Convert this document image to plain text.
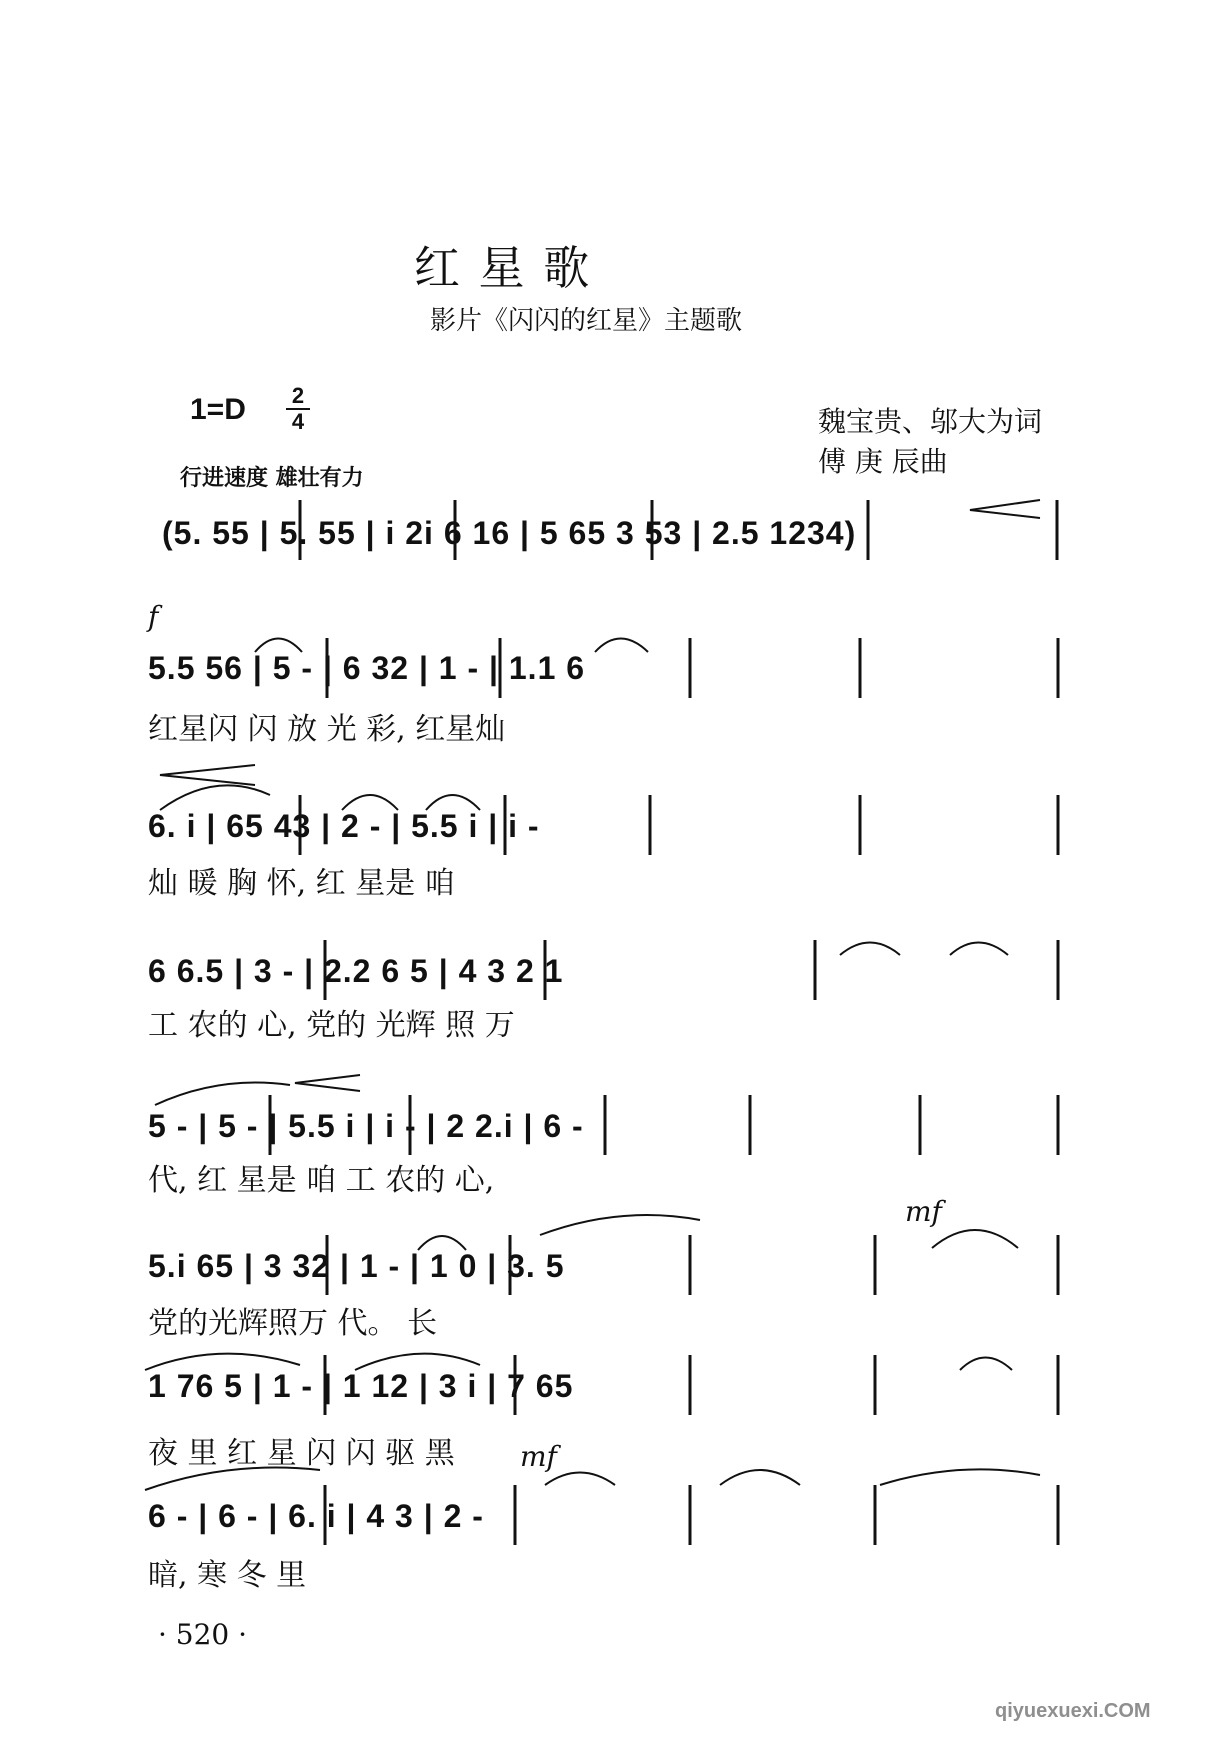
红 星 歌
影片《闪闪的红星》主题歌
1=D 2
4	魏宝贵、邬大为词
傅 庚 辰曲
行进速度 雄壮有力
(5. 55 | 5. 55 | i 2i 6 16 | 5 65 3 53 | 2.5 1234)
f
mf
mf
5.5 56 | 5 - | 6 32 | 1 - | 1.1 6
红星闪 闪 放 光 彩, 红星灿
6. i | 65 43 | 2 - | 5.5 i | i -
灿 暖 胸 怀, 红 星是 咱
6 6.5 | 3 - | 2.2 6 5 | 4 3 2 1
工 农的 心, 党的 光辉 照 万
5 - | 5 - | 5.5 i | i - | 2 2.i | 6 -
代, 红 星是 咱 工 农的 心,
5.i 65 | 3 32 | 1 - | 1 0 | 3. 5
党的光辉照万 代。 长
1 76 5 | 1 - | 1 12 | 3 i | 7 65
夜 里 红 星 闪 闪 驱 黑
6 - | 6 - | 6. i | 4 3 | 2 -
暗, 寒 冬 里
· 520 ·
qiyuexuexi.COM
